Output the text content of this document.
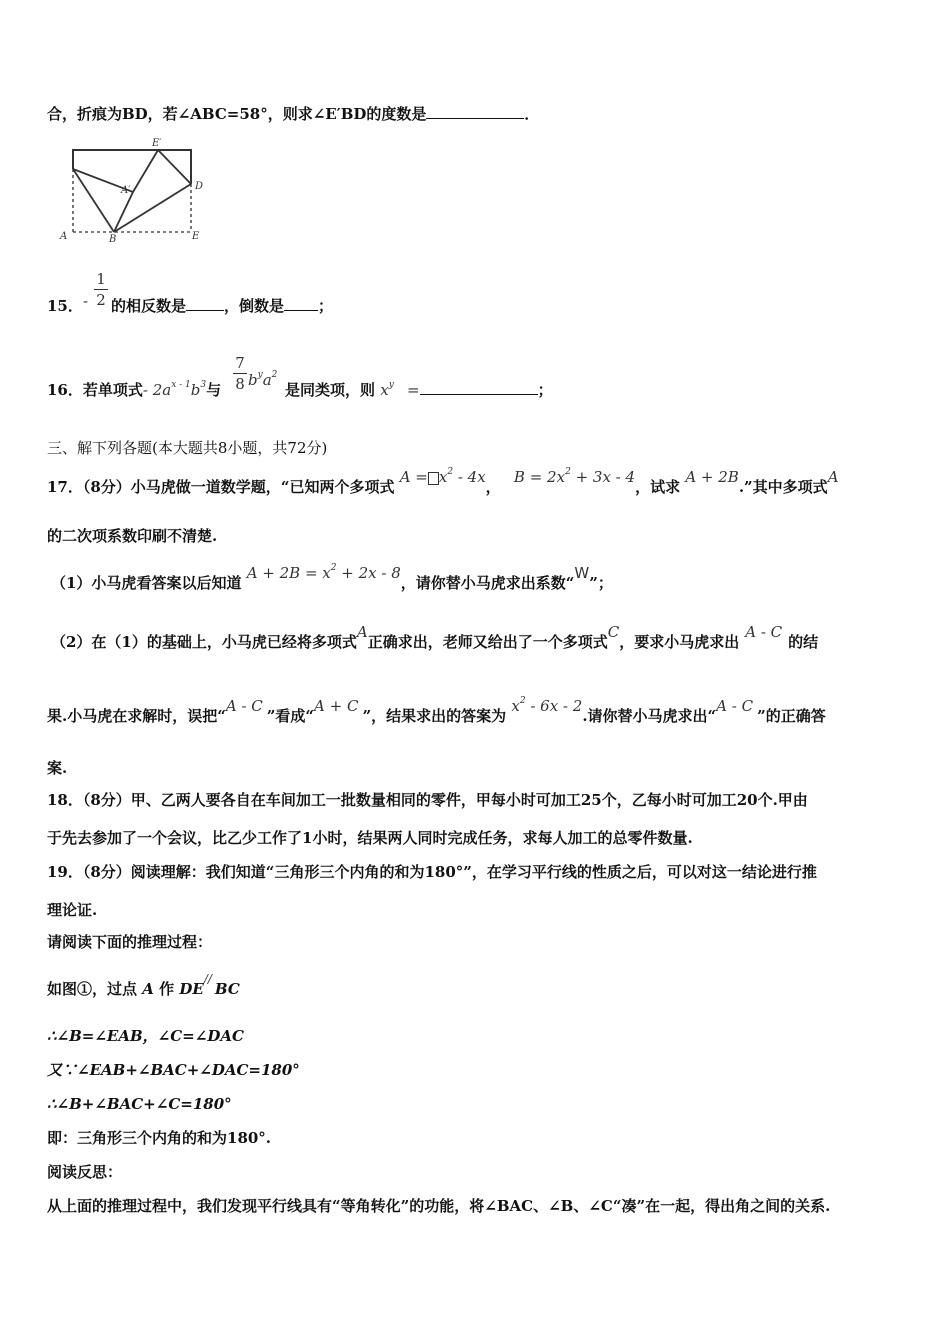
合，折痕为BD，若∠ABC=58°，则求∠E′BD的度数是	．
A	B	E
D
A′
E′
15． -
1
2 的相反数是	，倒数是 ；
16．若单项式- $2a^{x - 1}b^3$与
7
8 $b^ya^2$
是同类项，则 $x^y$ =	；
三、解下列各题(本大题共8小题，共72分)
17．（8分）小马虎做一道数学题，“已知两个多项式 $A = x^2 - 4x$， $B = 2x^2 + 3x - 4$，试求 A + 2B.”其中多项式A
的二次项系数印刷不清楚.
（1）小马虎看答案以后知道 $A + 2B = x^2 + 2x - 8$，请你替小马虎求出系数“W”；
（2）在（1）的基础上，小马虎已经将多项式A正确求出，老师又给出了一个多项式C，要求小马虎求出A - C的结
果.小马虎在求解时，误把“A - C”看成“A + C”，结果求出的答案为 $x^2 - 6x - 2$.请你替小马虎求出“A - C”的正确答
案.
18．（8分）甲、乙两人要各自在车间加工一批数量相同的零件，甲每小时可加工25个，乙每小时可加工20个.甲由
于先去参加了一个会议，比乙少工作了1小时，结果两人同时完成任务，求每人加工的总零件数量.
19．（8分）阅读理解：我们知道“三角形三个内角的和为180°”，在学习平行线的性质之后，可以对这一结论进行推
理论证.
请阅读下面的推理过程：
如图①，过点 A 作 DE//BC
∴∠B=∠EAB，∠C=∠DAC
又∵∠EAB+∠BAC+∠DAC=180°
∴∠B+∠BAC+∠C=180°
即：三角形三个内角的和为180°.
阅读反思：
从上面的推理过程中，我们发现平行线具有“等角转化”的功能，将∠BAC、∠B、∠C“凑”在一起，得出角之间的关系.
